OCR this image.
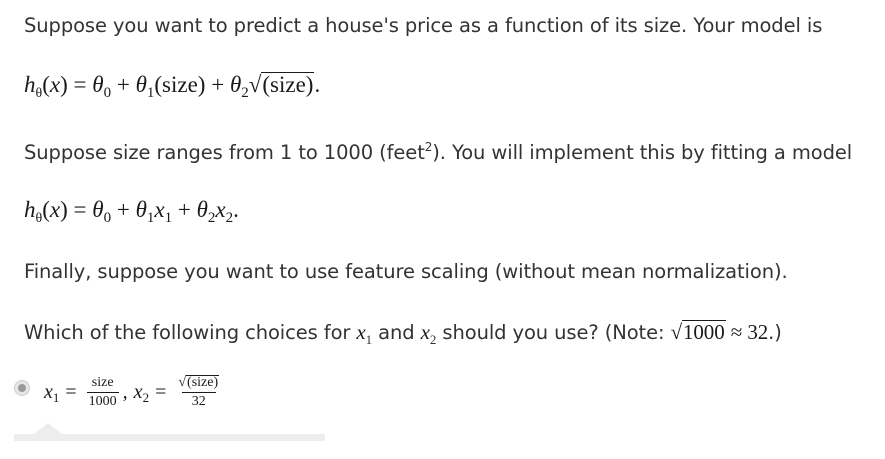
Suppose you want to predict a house's price as a function of its size. Your model is
$h_\theta(x) = \theta_0$ + $\theta_1(size)$ + $\theta_2√(size)$.
Suppose size ranges from 1 to 1000 (feet$^2$). You will implement this by fitting a model
$h_\theta(x) = \theta_0 + \theta_1x_1 + \theta_2x_2$.
Finally, suppose you want to use feature scaling (without mean normalization).
Which of the following choices for $x_1$ and $x_2$ should you use? (Note: √1000 ≈ 32.)
x $1 = \frac{\text{size}}{1000}$ , x $2 = \frac{\text{√(size)}}{32}$
